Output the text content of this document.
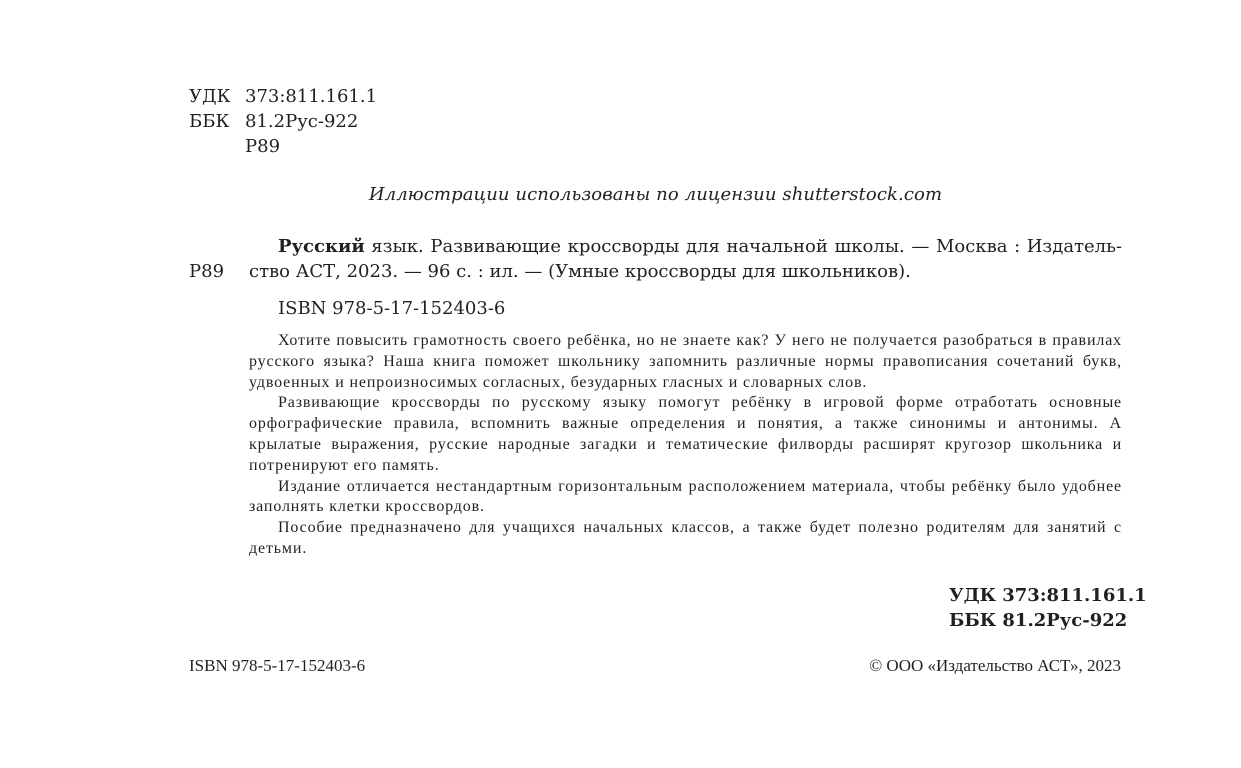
УДК 373:811.161.1
ББК 81.2Рус-922
Р89
Иллюстрации использованы по лицензии shutterstock.com
Р89

Русский язык. Развивающие кроссворды для начальной школы. — Москва : Издатель-

ство АСТ, 2023. — 96 с. : ил. — (Умные кроссворды для школьников).

ISBN 978-5-17-152403-6

Хотите повысить грамотность своего ребёнка, но не знаете как? У него не получается разобраться в правилах русского языка? Наша книга поможет школьнику запомнить различные нормы правописания сочетаний букв, удвоенных и непроизносимых согласных, безударных гласных и словарных слов.

Развивающие кроссворды по русскому языку помогут ребёнку в игровой форме отработать основные орфографические правила, вспомнить важные определения и понятия, а также синонимы и антонимы. А крылатые выражения, русские народные загадки и тематические филворды расширят кругозор школьника и потренируют его память.

Издание отличается нестандартным горизонтальным расположением материала, чтобы ребёнку было удобнее заполнять клетки кроссвордов.

Пособие предназначено для учащихся начальных классов, а также будет полезно родителям для занятий с детьми.

УДК 373:811.161.1
ББК 81.2Рус-922
ISBN 978-5-17-152403-6	© ООО «Издательство АСТ», 2023
